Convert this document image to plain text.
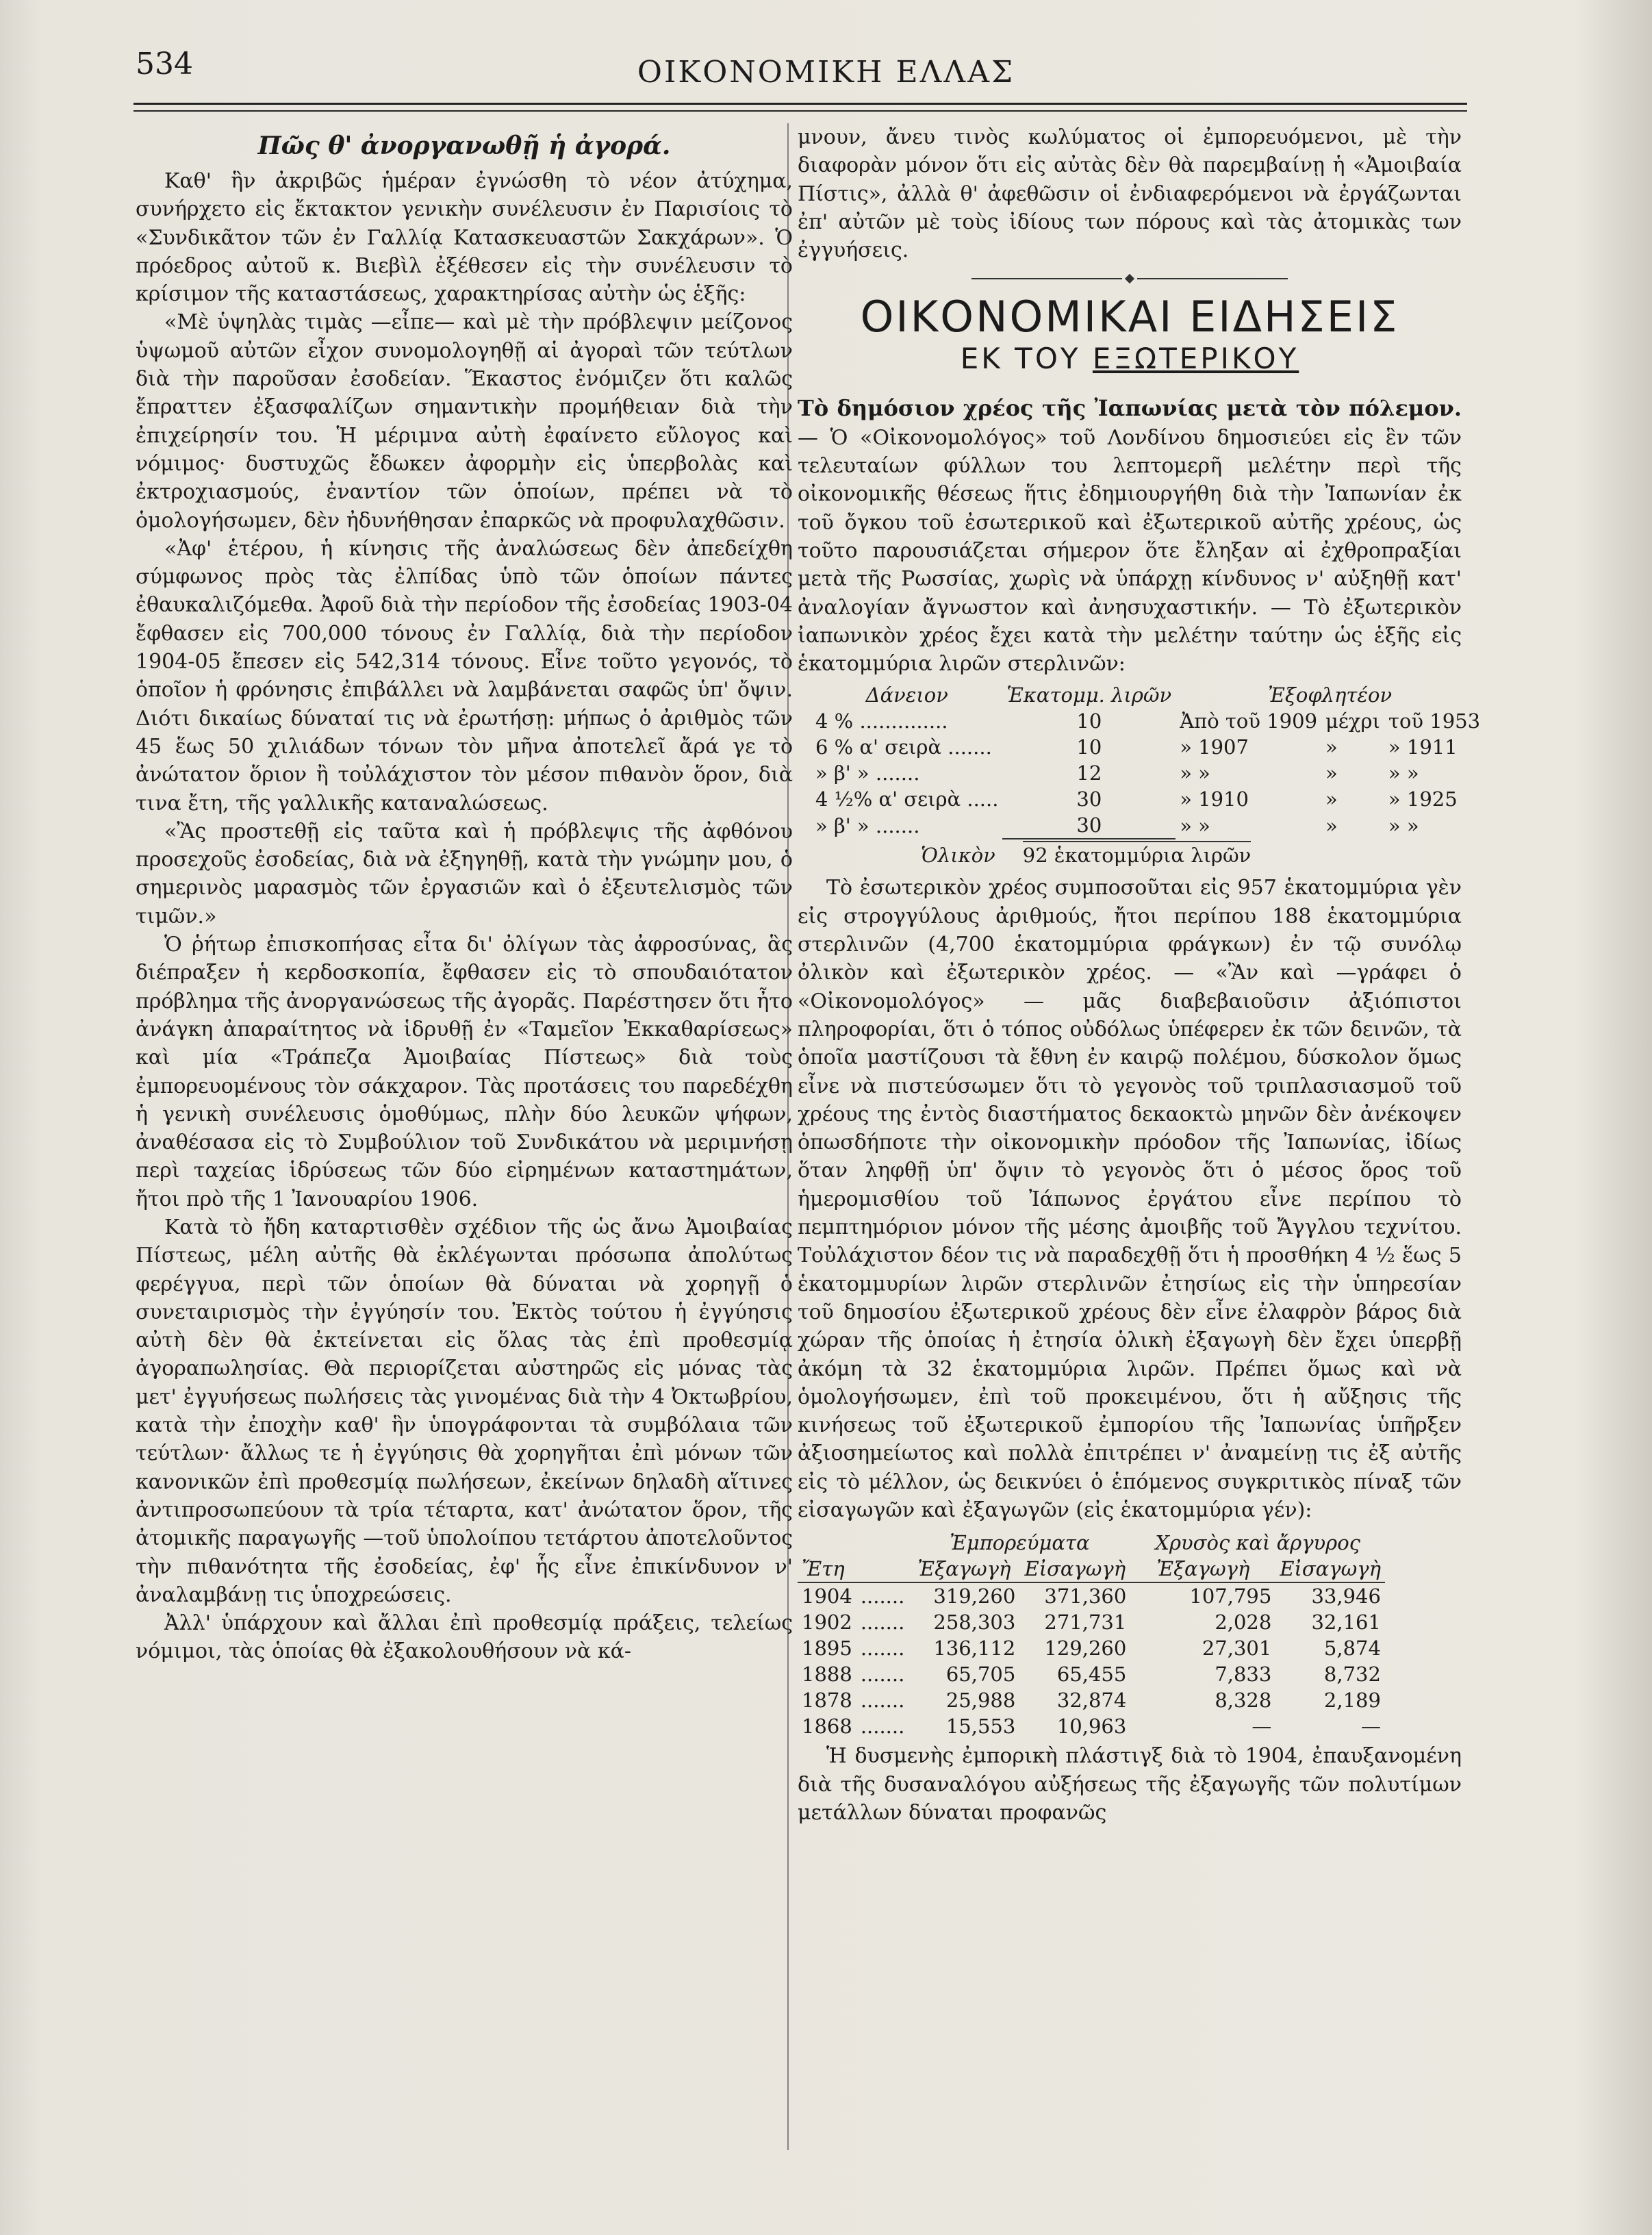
534	ΟΙΚΟΝΟΜΙΚΗ ΕΛΛΑΣ
Πῶς θ' ἀνοργανωθῇ ἡ ἀγορά.

Καθ' ἣν ἀκριβῶς ἡμέραν ἐγνώσθη τὸ νέον ἀτύχημα, συνήρχετο εἰς ἔκτακτον γενικὴν συνέλευσιν ἐν Παρισίοις τὸ «Συνδικᾶτον τῶν ἐν Γαλλίᾳ Κατασκευαστῶν Σακχάρων». Ὁ πρόεδρος αὐτοῦ κ. Βιεβὶλ ἐξέθεσεν εἰς τὴν συνέλευσιν τὸ κρίσιμον τῆς καταστάσεως, χαρακτηρίσας αὐτὴν ὡς ἑξῆς:

«Μὲ ὑψηλὰς τιμὰς —εἶπε— καὶ μὲ τὴν πρόβλεψιν μείζονος ὑψωμοῦ αὐτῶν εἶχον συνομολογηθῇ αἱ ἀγοραὶ τῶν τεύτλων διὰ τὴν παροῦσαν ἐσοδείαν. Ἕκαστος ἐνόμιζεν ὅτι καλῶς ἔπραττεν ἐξασφαλίζων σημαντικὴν προμήθειαν διὰ τὴν ἐπιχείρησίν του. Ἡ μέριμνα αὐτὴ ἐφαίνετο εὔλογος καὶ νόμιμος· δυστυχῶς ἔδωκεν ἀφορμὴν εἰς ὑπερβολὰς καὶ ἐκτροχιασμούς, ἐναντίον τῶν ὁποίων, πρέπει νὰ τὸ ὁμολογήσωμεν, δὲν ἠδυνήθησαν ἐπαρκῶς νὰ προφυλαχθῶσιν.

«Ἀφ' ἑτέρου, ἡ κίνησις τῆς ἀναλώσεως δὲν ἀπεδείχθη σύμφωνος πρὸς τὰς ἐλπίδας ὑπὸ τῶν ὁποίων πάντες ἐθαυκαλιζόμεθα. Ἀφοῦ διὰ τὴν περίοδον τῆς ἐσοδείας 1903-04 ἔφθασεν εἰς 700,000 τόνους ἐν Γαλλίᾳ, διὰ τὴν περίοδον 1904-05 ἔπεσεν εἰς 542,314 τόνους. Εἶνε τοῦτο γεγονός, τὸ ὁποῖον ἡ φρόνησις ἐπιβάλλει νὰ λαμβάνεται σαφῶς ὑπ' ὄψιν. Διότι δικαίως δύναταί τις νὰ ἐρωτήσῃ: μήπως ὁ ἀριθμὸς τῶν 45 ἕως 50 χιλιάδων τόνων τὸν μῆνα ἀποτελεῖ ἄρά γε τὸ ἀνώτατον ὅριον ἢ τοὐλάχιστον τὸν μέσον πιθανὸν ὅρον, διὰ τινα ἔτη, τῆς γαλλικῆς καταναλώσεως.

«Ἂς προστεθῇ εἰς ταῦτα καὶ ἡ πρόβλεψις τῆς ἀφθόνου προσεχοῦς ἐσοδείας, διὰ νὰ ἐξηγηθῇ, κατὰ τὴν γνώμην μου, ὁ σημερινὸς μαρασμὸς τῶν ἐργασιῶν καὶ ὁ ἐξευτελισμὸς τῶν τιμῶν.»

Ὁ ῥήτωρ ἐπισκοπήσας εἶτα δι' ὀλίγων τὰς ἀφροσύνας, ἃς διέπραξεν ἡ κερδοσκοπία, ἔφθασεν εἰς τὸ σπουδαιότατον πρόβλημα τῆς ἀνοργανώσεως τῆς ἀγορᾶς. Παρέστησεν ὅτι ἦτο ἀνάγκη ἀπαραίτητος νὰ ἱδρυθῇ ἐν «Ταμεῖον Ἐκκαθαρίσεως» καὶ μία «Τράπεζα Ἀμοιβαίας Πίστεως» διὰ τοὺς ἐμπορευομένους τὸν σάκχαρον. Τὰς προτάσεις του παρεδέχθη ἡ γενικὴ συνέλευσις ὁμοθύμως, πλὴν δύο λευκῶν ψήφων, ἀναθέσασα εἰς τὸ Συμβούλιον τοῦ Συνδικάτου νὰ μεριμνήσῃ περὶ ταχείας ἱδρύσεως τῶν δύο εἰρημένων καταστημάτων, ἤτοι πρὸ τῆς 1 Ἰανουαρίου 1906.

Κατὰ τὸ ἤδη καταρτισθὲν σχέδιον τῆς ὡς ἄνω Ἀμοιβαίας Πίστεως, μέλη αὐτῆς θὰ ἐκλέγωνται πρόσωπα ἀπολύτως φερέγγυα, περὶ τῶν ὁποίων θὰ δύναται νὰ χορηγῇ ὁ συνεταιρισμὸς τὴν ἐγγύησίν του. Ἐκτὸς τούτου ἡ ἐγγύησις αὐτὴ δὲν θὰ ἐκτείνεται εἰς ὅλας τὰς ἐπὶ προθεσμίᾳ ἀγοραπωλησίας. Θὰ περιορίζεται αὐστηρῶς εἰς μόνας τὰς μετ' ἐγγυήσεως πωλήσεις τὰς γινομένας διὰ τὴν 4 Ὀκτωβρίου, κατὰ τὴν ἐποχὴν καθ' ἣν ὑπογράφονται τὰ συμβόλαια τῶν τεύτλων· ἄλλως τε ἡ ἐγγύησις θὰ χορηγῆται ἐπὶ μόνων τῶν κανονικῶν ἐπὶ προθεσμίᾳ πωλήσεων, ἐκείνων δηλαδὴ αἵτινες ἀντιπροσωπεύουν τὰ τρία τέταρτα, κατ' ἀνώτατον ὅρον, τῆς ἀτομικῆς παραγωγῆς —τοῦ ὑπολοίπου τετάρτου ἀποτελοῦντος τὴν πιθανότητα τῆς ἐσοδείας, ἐφ' ἧς εἶνε ἐπικίνδυνον ν' ἀναλαμβάνῃ τις ὑποχρεώσεις.

Ἀλλ' ὑπάρχουν καὶ ἄλλαι ἐπὶ προθεσμίᾳ πράξεις, τελείως νόμιμοι, τὰς ὁποίας θὰ ἐξακολουθήσουν νὰ κά-

μνουν, ἄνευ τινὸς κωλύματος οἱ ἐμπορευόμενοι, μὲ τὴν διαφορὰν μόνον ὅτι εἰς αὐτὰς δὲν θὰ παρεμβαίνῃ ἡ «Ἀμοιβαία Πίστις», ἀλλὰ θ' ἀφεθῶσιν οἱ ἐνδιαφερόμενοι νὰ ἐργάζωνται ἐπ' αὐτῶν μὲ τοὺς ἰδίους των πόρους καὶ τὰς ἀτομικὰς των ἐγγυήσεις.

ΟΙΚΟΝΟΜΙΚΑΙ ΕΙΔΗΣΕΙΣ
ΕΚ ΤΟΥ ΕΞΩΤΕΡΙΚΟΥ

Τὸ δημόσιον χρέος τῆς Ἰαπωνίας μετὰ τὸν πόλεμον. — Ὁ «Οἰκονομολόγος» τοῦ Λονδίνου δημοσιεύει εἰς ἓν τῶν τελευταίων φύλλων του λεπτομερῆ μελέτην περὶ τῆς οἰκονομικῆς θέσεως ἥτις ἐδημιουργήθη διὰ τὴν Ἰαπωνίαν ἐκ τοῦ ὄγκου τοῦ ἐσωτερικοῦ καὶ ἐξωτερικοῦ αὐτῆς χρέους, ὡς τοῦτο παρουσιάζεται σήμερον ὅτε ἔληξαν αἱ ἐχθροπραξίαι μετὰ τῆς Ρωσσίας, χωρὶς νὰ ὑπάρχῃ κίνδυνος ν' αὐξηθῇ κατ' ἀναλογίαν ἄγνωστον καὶ ἀνησυχαστικήν. — Τὸ ἐξωτερικὸν ἰαπωνικὸν χρέος ἔχει κατὰ τὴν μελέτην ταύτην ὡς ἑξῆς εἰς ἑκατομμύρια λιρῶν στερλινῶν:

Δάνειον	Ἑκατομμ. λιρῶν	Ἐξοφλητέον		
4 % ..............	10	Ἀπὸ τοῦ 1909	μέχρι	τοῦ 1953
6 % α' σειρὰ .......	10	» 1907	»	» 1911
» β' » .......	12	» »	»	» »
4 ½% α' σειρὰ .....	30	» 1910	»	» 1925
» β' » .......	30	» »	»	» »
Ὁλικὸν 92 ἑκατομμύρια λιρῶν

Τὸ ἐσωτερικὸν χρέος συμποσοῦται εἰς 957 ἑκατομμύρια γὲν εἰς στρογγύλους ἀριθμούς, ἤτοι περίπου 188 ἑκατομμύρια στερλινῶν (4,700 ἑκατομμύρια φράγκων) ἐν τῷ συνόλῳ ὀλικὸν καὶ ἐξωτερικὸν χρέος. — «Ἂν καὶ —γράφει ὁ «Οἰκονομολόγος» — μᾶς διαβεβαιοῦσιν ἀξιόπιστοι πληροφορίαι, ὅτι ὁ τόπος οὐδόλως ὑπέφερεν ἐκ τῶν δεινῶν, τὰ ὁποῖα μαστίζουσι τὰ ἔθνη ἐν καιρῷ πολέμου, δύσκολον ὅμως εἶνε νὰ πιστεύσωμεν ὅτι τὸ γεγονὸς τοῦ τριπλασιασμοῦ τοῦ χρέους της ἐντὸς διαστήματος δεκαοκτὼ μηνῶν δὲν ἀνέκοψεν ὁπωσδήποτε τὴν οἰκονομικὴν πρόοδον τῆς Ἰαπωνίας, ἰδίως ὅταν ληφθῇ ὑπ' ὄψιν τὸ γεγονὸς ὅτι ὁ μέσος ὅρος τοῦ ἡμερομισθίου τοῦ Ἰάπωνος ἐργάτου εἶνε περίπου τὸ πεμπτημόριον μόνον τῆς μέσης ἀμοιβῆς τοῦ Ἄγγλου τεχνίτου. Τοὐλάχιστον δέον τις νὰ παραδεχθῇ ὅτι ἡ προσθήκη 4 ½ ἕως 5 ἑκατομμυρίων λιρῶν στερλινῶν ἐτησίως εἰς τὴν ὑπηρεσίαν τοῦ δημοσίου ἐξωτερικοῦ χρέους δὲν εἶνε ἐλαφρὸν βάρος διὰ χώραν τῆς ὁποίας ἡ ἐτησία ὁλικὴ ἐξαγωγὴ δὲν ἔχει ὑπερβῇ ἀκόμη τὰ 32 ἑκατομμύρια λιρῶν. Πρέπει ὅμως καὶ νὰ ὁμολογήσωμεν, ἐπὶ τοῦ προκειμένου, ὅτι ἡ αὔξησις τῆς κινήσεως τοῦ ἐξωτερικοῦ ἐμπορίου τῆς Ἰαπωνίας ὑπῆρξεν ἀξιοσημείωτος καὶ πολλὰ ἐπιτρέπει ν' ἀναμείνῃ τις ἐξ αὐτῆς εἰς τὸ μέλλον, ὡς δεικνύει ὁ ἑπόμενος συγκριτικὸς πίναξ τῶν εἰσαγωγῶν καὶ ἐξαγωγῶν (εἰς ἑκατομμύρια γέν):

		Ἐμπορεύματα		Χρυσὸς καὶ ἄργυρος	
Ἔτη		Ἐξαγωγὴ	Εἰσαγωγὴ	Ἐξαγωγὴ	Εἰσαγωγὴ
1904	.......	319,260	371,360	107,795	33,946
1902	.......	258,303	271,731	2,028	32,161
1895	.......	136,112	129,260	27,301	5,874
1888	.......	65,705	65,455	7,833	8,732
1878	.......	25,988	32,874	8,328	2,189
1868	.......	15,553	10,963	—	—

Ἡ δυσμενὴς ἐμπορικὴ πλάστιγξ διὰ τὸ 1904, ἐπαυξανομένη διὰ τῆς δυσαναλόγου αὐξήσεως τῆς ἐξαγωγῆς τῶν πολυτίμων μετάλλων δύναται προφανῶς
